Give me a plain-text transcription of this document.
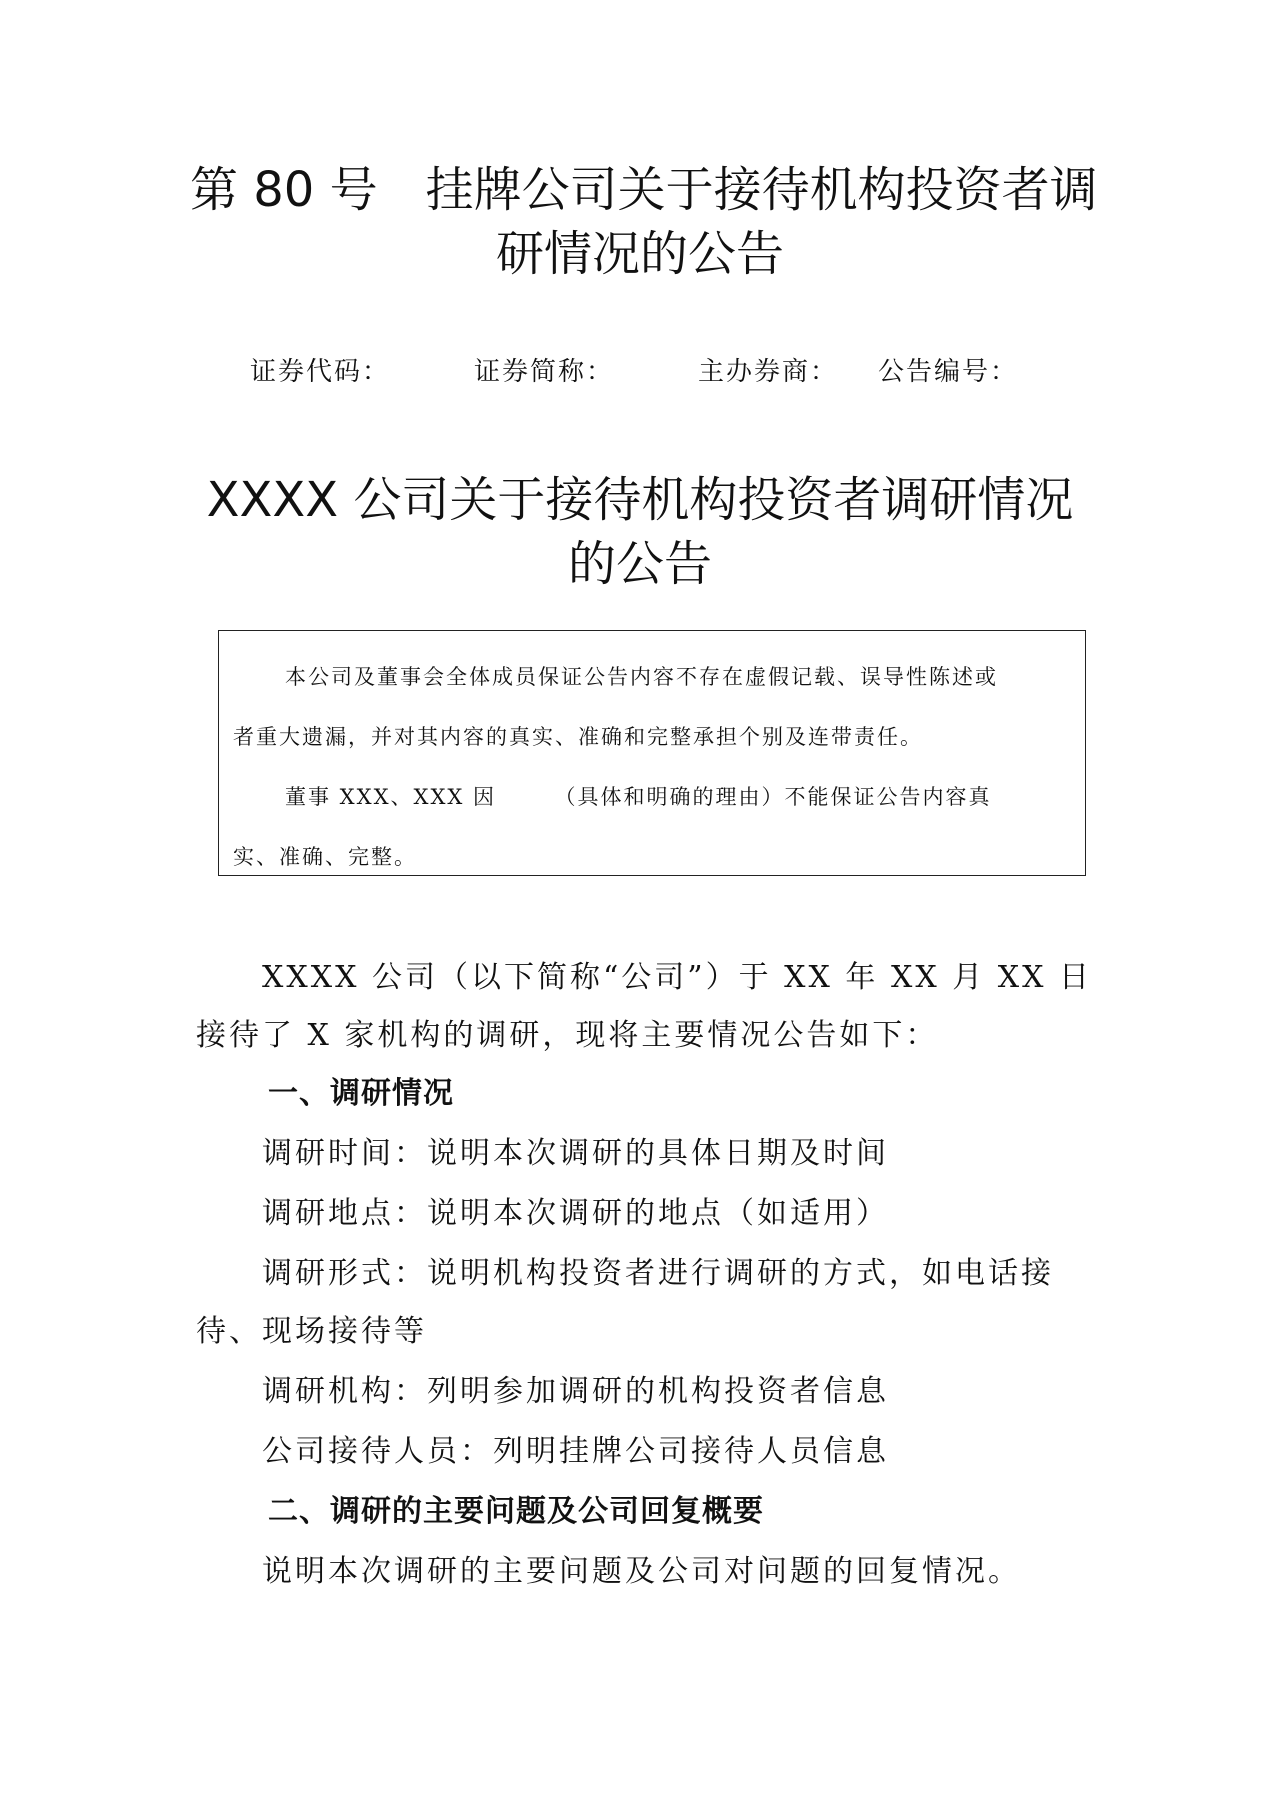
第 80 号　挂牌公司关于接待机构投资者调
研情况的公告
证券代码：	证券简称：	主办券商： 公告编号：
XXXX 公司关于接待机构投资者调研情况
的公告
本公司及董事会全体成员保证公告内容不存在虚假记载、误导性陈述或
者重大遗漏，并对其内容的真实、准确和完整承担个别及连带责任。
董事 XXX、XXX 因　　　（具体和明确的理由）不能保证公告内容真
实、准确、完整。
XXXX 公司（以下简称“公司”）于 XX 年 XX 月 XX 日
接待了 X 家机构的调研，现将主要情况公告如下：
一、调研情况
调研时间：说明本次调研的具体日期及时间
调研地点：说明本次调研的地点（如适用）
调研形式：说明机构投资者进行调研的方式，如电话接
待、现场接待等
调研机构：列明参加调研的机构投资者信息
公司接待人员：列明挂牌公司接待人员信息
二、调研的主要问题及公司回复概要
说明本次调研的主要问题及公司对问题的回复情况。
